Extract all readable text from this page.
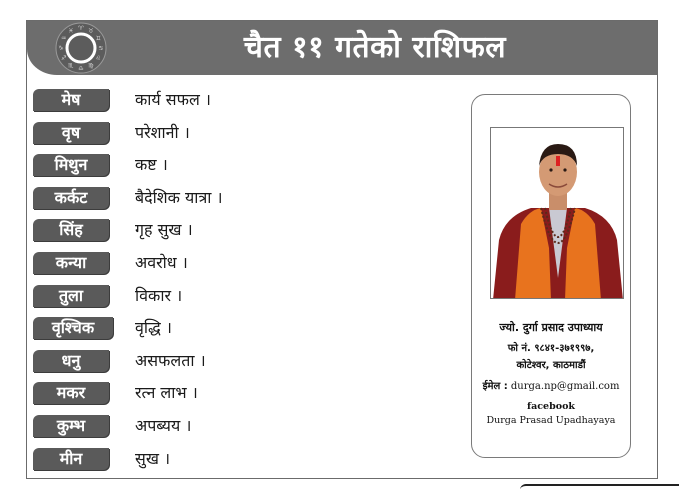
♈ ♉
♊
♋
♌
♍
♎
♏
♐
♑
♒
♓	चैत ११ गतेको राशिफल
मेष	कार्य सफल ।
वृष	परेशानी ।
मिथुन	कष्ट ।
कर्कट	बैदेशिक यात्रा ।
सिंह	गृह सुख ।
कन्या	अवरोध ।
तुला	विकार ।
वृश्चिक	वृद्धि ।
धनु	असफलता ।
मकर	रत्न लाभ ।
कुम्भ	अपब्यय ।
मीन	सुख ।
ज्यो. दुर्गा प्रसाद उपाध्याय
फो नं. ९८४१-३७१९९७,
कोटेश्वर, काठमाडौं
ईमेल : durga.np@gmail.com
facebook
Durga Prasad Upadhayaya
